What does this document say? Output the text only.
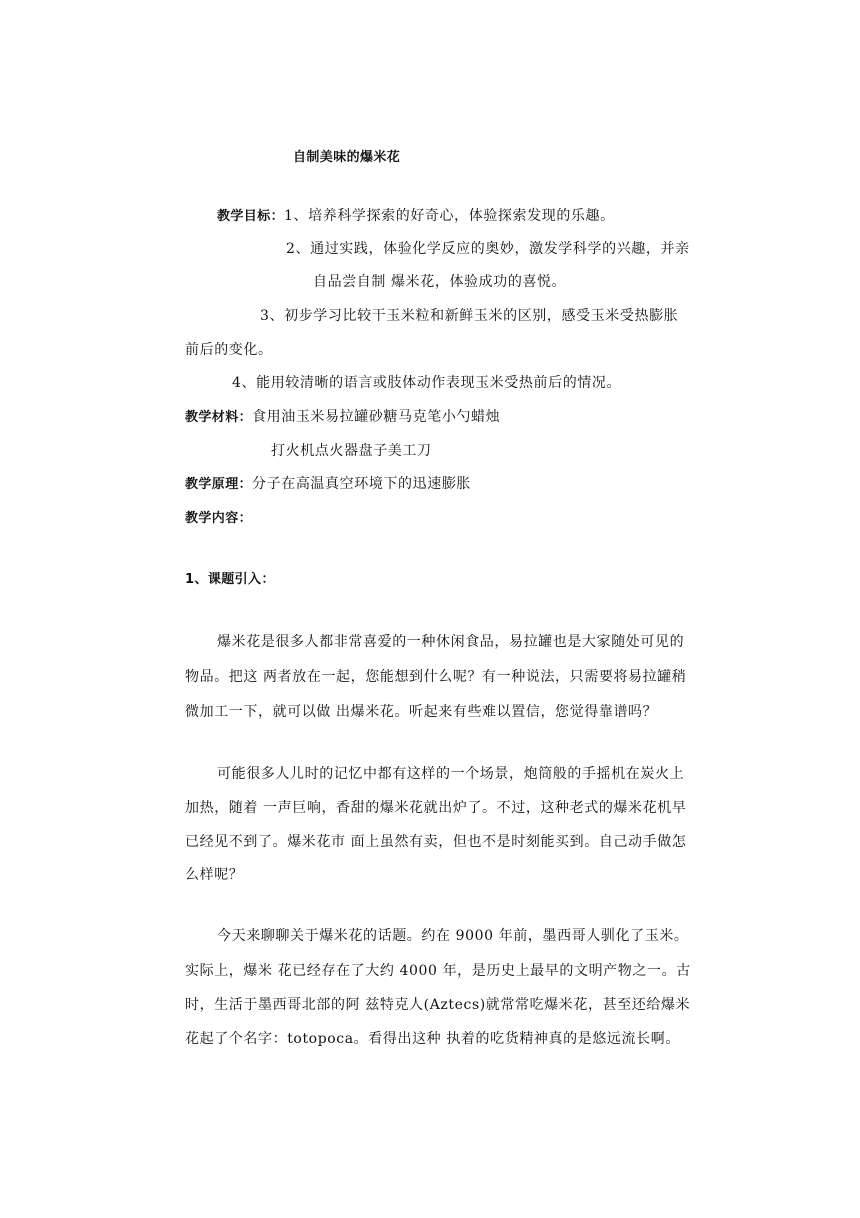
自制美味的爆米花
教学目标：1、培养科学探索的好奇心，体验探索发现的乐趣。
2、通过实践，体验化学反应的奥妙，激发学科学的兴趣，并亲
自品尝自制 爆米花，体验成功的喜悦。
3、初步学习比较干玉米粒和新鲜玉米的区别，感受玉米受热膨胀
前后的变化。
4、能用较清晰的语言或肢体动作表现玉米受热前后的情况。
教学材料：食用油玉米易拉罐砂糖马克笔小勺蜡烛
打火机点火器盘子美工刀
教学原理：分子在高温真空环境下的迅速膨胀
教学内容：
1、课题引入：
爆米花是很多人都非常喜爱的一种休闲食品，易拉罐也是大家随处可见的
物品。把这 两者放在一起，您能想到什么呢？有一种说法，只需要将易拉罐稍
微加工一下，就可以做 出爆米花。听起来有些难以置信，您觉得靠谱吗？
可能很多人儿时的记忆中都有这样的一个场景，炮筒般的手摇机在炭火上
加热，随着 一声巨响，香甜的爆米花就出炉了。不过，这种老式的爆米花机早
已经见不到了。爆米花市 面上虽然有卖，但也不是时刻能买到。自己动手做怎
么样呢？
今天来聊聊关于爆米花的话题。约在 9000 年前，墨西哥人驯化了玉米。
实际上，爆米 花已经存在了大约 4000 年，是历史上最早的文明产物之一。古
时，生活于墨西哥北部的阿 兹特克人(Aztecs)就常常吃爆米花，甚至还给爆米
花起了个名字：totopoca。看得出这种 执着的吃货精神真的是悠远流长啊。
